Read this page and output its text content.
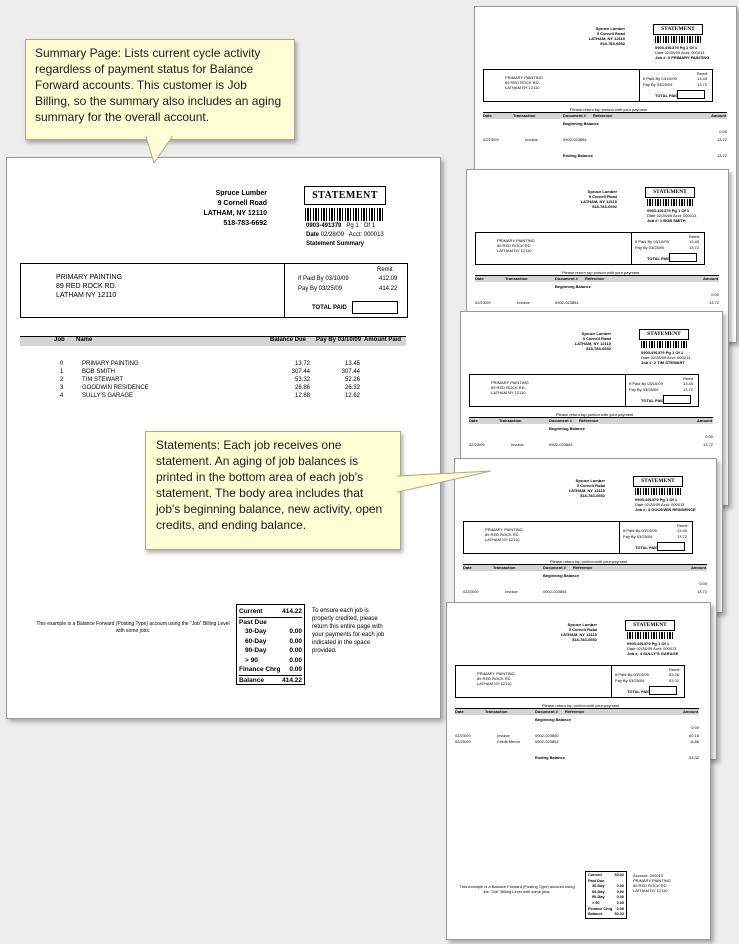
Spruce Lumber
9 Cornell Road
LATHAM, NY 12110
518-783-6692
STATEMENT
0903-491379 Pg 1 Of 1
Date 02/28/09 Acct: 000013
Statement Summary
PRIMARY PAINTING
89 RED ROCK RD.
LATHAM NY 12110
Remit
If Paid By 03/10/09	412.09
Pay By 03/25/09	414.22
TOTAL PAID
Job Name	Balance Due Pay By 03/10/09 Amount Paid
0	PRIMARY PAINTING	13.72	13.45
1	BOB SMITH	307.44	307.44
2	TIM STEWART	53.32	52.26
3	GOODWIN RESIDENCE	26.86	26.32
4	SULLY'S GARAGE	12.88	12.62
Current	414.22
Past Due
30-Day	0.00
60-Day	0.00
90-Day	0.00
> 90	0.00
Finance Chrg 0.00
Balance	414.22
To ensure each job is properly credited, please return this entire page with your payments for each job indicated in the space provided.
This example is a Balance Forward (Posting Type) account using the "Job" Billing Level with some jobs.
Spruce Lumber
9 Cornell Road
LATHAM, NY 12110
518-783-6692
STATEMENT
0903-491379 Pg 1 Of 1
Date 02/28/09 Acct: 000013
Job #: 0 PRIMARY PAINTING
PRIMARY PAINTING
89 RED ROCK RD.
LATHAM NY 12110
Remit
If Paid By 03/10/09	13.45
Pay By 03/25/09	13.72
TOTAL PAID
Please return top portion with your payment
Date	Transaction	Document # Reference	Amount
Beginning Balance
0.00
02/23/09	Invoice	0902-023854	13.72
Ending Balance	13.72
Spruce Lumber
9 Cornell Road
LATHAM, NY 12110
518-783-6692
STATEMENT
0903-491379 Pg 1 Of 1
Date 02/28/09 Acct: 000013
Job #: 1 BOB SMITH
PRIMARY PAINTING
89 RED ROCK RD.
LATHAM NY 12110
Remit
If Paid By 03/10/09	13.45
Pay By 03/25/09	13.72
TOTAL PAID
Please return top portion with your payment
Date	Transaction	Document # Reference	Amount
Beginning Balance
0.00
02/23/09	Invoice	0902-023854	13.72
Spruce Lumber
9 Cornell Road
LATHAM, NY 12110
518-783-6692
STATEMENT
0903-491379 Pg 1 Of 1
Date 02/28/09 Acct: 000013
Job #: 2 TIM STEWART
PRIMARY PAINTING
89 RED ROCK RD.
LATHAM NY 12110
Remit
If Paid By 03/10/09	13.45
Pay By 03/25/09	13.72
TOTAL PAID
Please return top portion with your payment
Date	Transaction	Document # Reference	Amount
Beginning Balance
0.00
02/23/09	Invoice	0902-023854	13.72
Spruce Lumber
9 Cornell Road
LATHAM, NY 12110
518-783-6692
STATEMENT
0903-491379 Pg 1 Of 1
Date 02/28/09 Acct: 000013
Job #: 3 GOODWIN RESIDENCE
PRIMARY PAINTING
89 RED ROCK RD.
LATHAM NY 12110
Remit
If Paid By 03/10/09	13.45
Pay By 03/25/09	13.72
TOTAL PAID
Please return top portion with your payment
Date	Transaction	Document # Reference	Amount
Beginning Balance
0.00
02/23/09	Invoice	0902-023854	13.72
Spruce Lumber
9 Cornell Road
LATHAM, NY 12110
518-783-6692
STATEMENT
0903-491379 Pg 1 Of 1
Date 02/28/09 Acct: 000013
Job #: 4 SULLY'S GARAGE
PRIMARY PAINTING
89 RED ROCK RD.
LATHAM NY 12110
Remit
If Paid By 03/10/09	53.26
Pay By 03/25/09	53.32
TOTAL PAID
Please return top portion with your payment
Date	Transaction	Document # Reference	Amount
Beginning Balance
0.00
02/23/09	Invoice	0902-023850	60.18
02/25/09	Credit Memo	0902-023854	-6.86
Ending Balance	53.32
This example is a Balance Forward (Posting Type) account using the "Job" Billing Level with some jobs.
Current	53.32
Past Due
30-Day	0.00
60-Day	0.00
90-Day	0.00
> 90	0.00
Finance Chrg 0.00
Balance	53.32
Account: 000013
PRIMARY PAINTING
89 RED ROCK RD.
LATHAM NY 12110
Summary Page: Lists current cycle activity regardless of payment status for Balance Forward accounts. This customer is Job Billing, so the summary also includes an aging summary for the overall account.
Statements: Each job receives one statement. An aging of job balances is printed in the bottom area of each job's statement. The body area includes that job's beginning balance, new activity, open credits, and ending balance.
